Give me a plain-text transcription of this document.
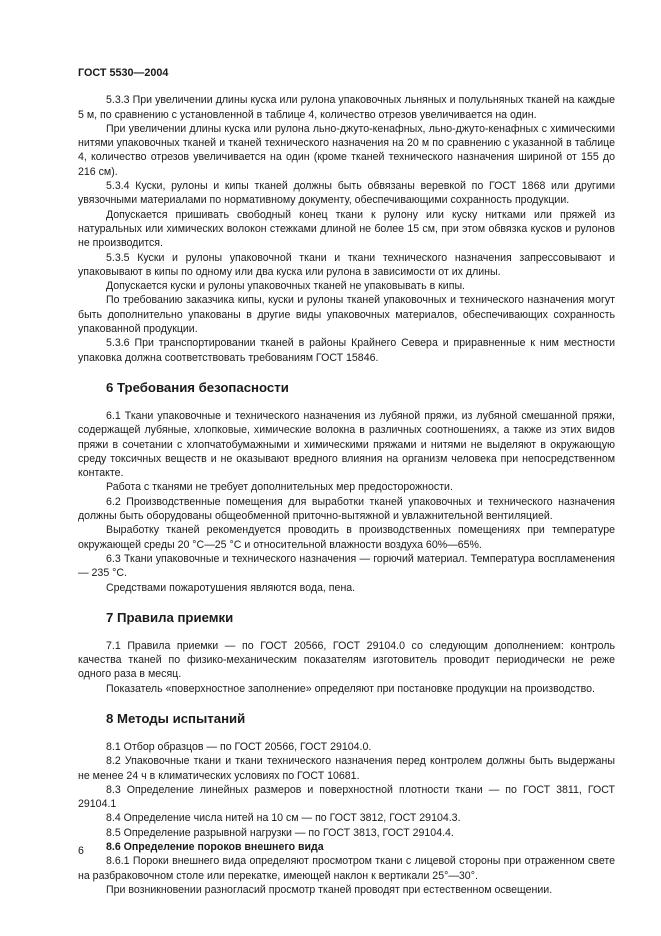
ГОСТ 5530—2004

5.3.3 При увеличении длины куска или рулона упаковочных льняных и полульняных тканей на каждые 5 м, по сравнению с установленной в таблице 4, количество отрезов увеличивается на один.

При увеличении длины куска или рулона льно-джуто-кенафных, льно-джуто-кенафных с химическими нитями упаковочных тканей и тканей технического назначения на 20 м по сравнению с указанной в таблице 4, количество отрезов увеличивается на один (кроме тканей технического назначения шириной от 155 до 216 см).

5.3.4 Куски, рулоны и кипы тканей должны быть обвязаны веревкой по ГОСТ 1868 или другими увязочными материалами по нормативному документу, обеспечивающими сохранность продукции.

Допускается пришивать свободный конец ткани к рулону или куску нитками или пряжей из натуральных или химических волокон стежками длиной не более 15 см, при этом обвязка кусков и рулонов не производится.

5.3.5 Куски и рулоны упаковочной ткани и ткани технического назначения запрессовывают и упаковывают в кипы по одному или два куска или рулона в зависимости от их длины.

Допускается куски и рулоны упаковочных тканей не упаковывать в кипы.

По требованию заказчика кипы, куски и рулоны тканей упаковочных и технического назначения могут быть дополнительно упакованы в другие виды упаковочных материалов, обеспечивающих сохранность упакованной продукции.

5.3.6 При транспортировании тканей в районы Крайнего Севера и приравненные к ним местности упаковка должна соответствовать требованиям ГОСТ 15846.

6 Требования безопасности

6.1 Ткани упаковочные и технического назначения из лубяной пряжи, из лубяной смешанной пряжи, содержащей лубяные, хлопковые, химические волокна в различных соотношениях, а также из этих видов пряжи в сочетании с хлопчатобумажными и химическими пряжами и нитями не выделяют в окружающую среду токсичных веществ и не оказывают вредного влияния на организм человека при непосредственном контакте.

Работа с тканями не требует дополнительных мер предосторожности.

6.2 Производственные помещения для выработки тканей упаковочных и технического назначения должны быть оборудованы общеобменной приточно-вытяжной и увлажнительной вентиляцией.

Выработку тканей рекомендуется проводить в производственных помещениях при температуре окружающей среды 20 °С—25 °С и относительной влажности воздуха 60%—65%.

6.3 Ткани упаковочные и технического назначения — горючий материал. Температура воспламенения — 235 °С.

Средствами пожаротушения являются вода, пена.

7 Правила приемки

7.1 Правила приемки — по ГОСТ 20566, ГОСТ 29104.0 со следующим дополнением: контроль качества тканей по физико-механическим показателям изготовитель проводит периодически не реже одного раза в месяц.

Показатель «поверхностное заполнение» определяют при постановке продукции на производство.

8 Методы испытаний

8.1 Отбор образцов — по ГОСТ 20566, ГОСТ 29104.0.

8.2 Упаковочные ткани и ткани технического назначения перед контролем должны быть выдержаны не менее 24 ч в климатических условиях по ГОСТ 10681.

8.3 Определение линейных размеров и поверхностной плотности ткани — по ГОСТ 3811, ГОСТ 29104.1

8.4 Определение числа нитей на 10 см — по ГОСТ 3812, ГОСТ 29104.3.

8.5 Определение разрывной нагрузки — по ГОСТ 3813, ГОСТ 29104.4.

8.6 Определение пороков внешнего вида

8.6.1 Пороки внешнего вида определяют просмотром ткани с лицевой стороны при отраженном свете на разбраковочном столе или перекатке, имеющей наклон к вертикали 25°—30°.

При возникновении разногласий просмотр тканей проводят при естественном освещении.

6
